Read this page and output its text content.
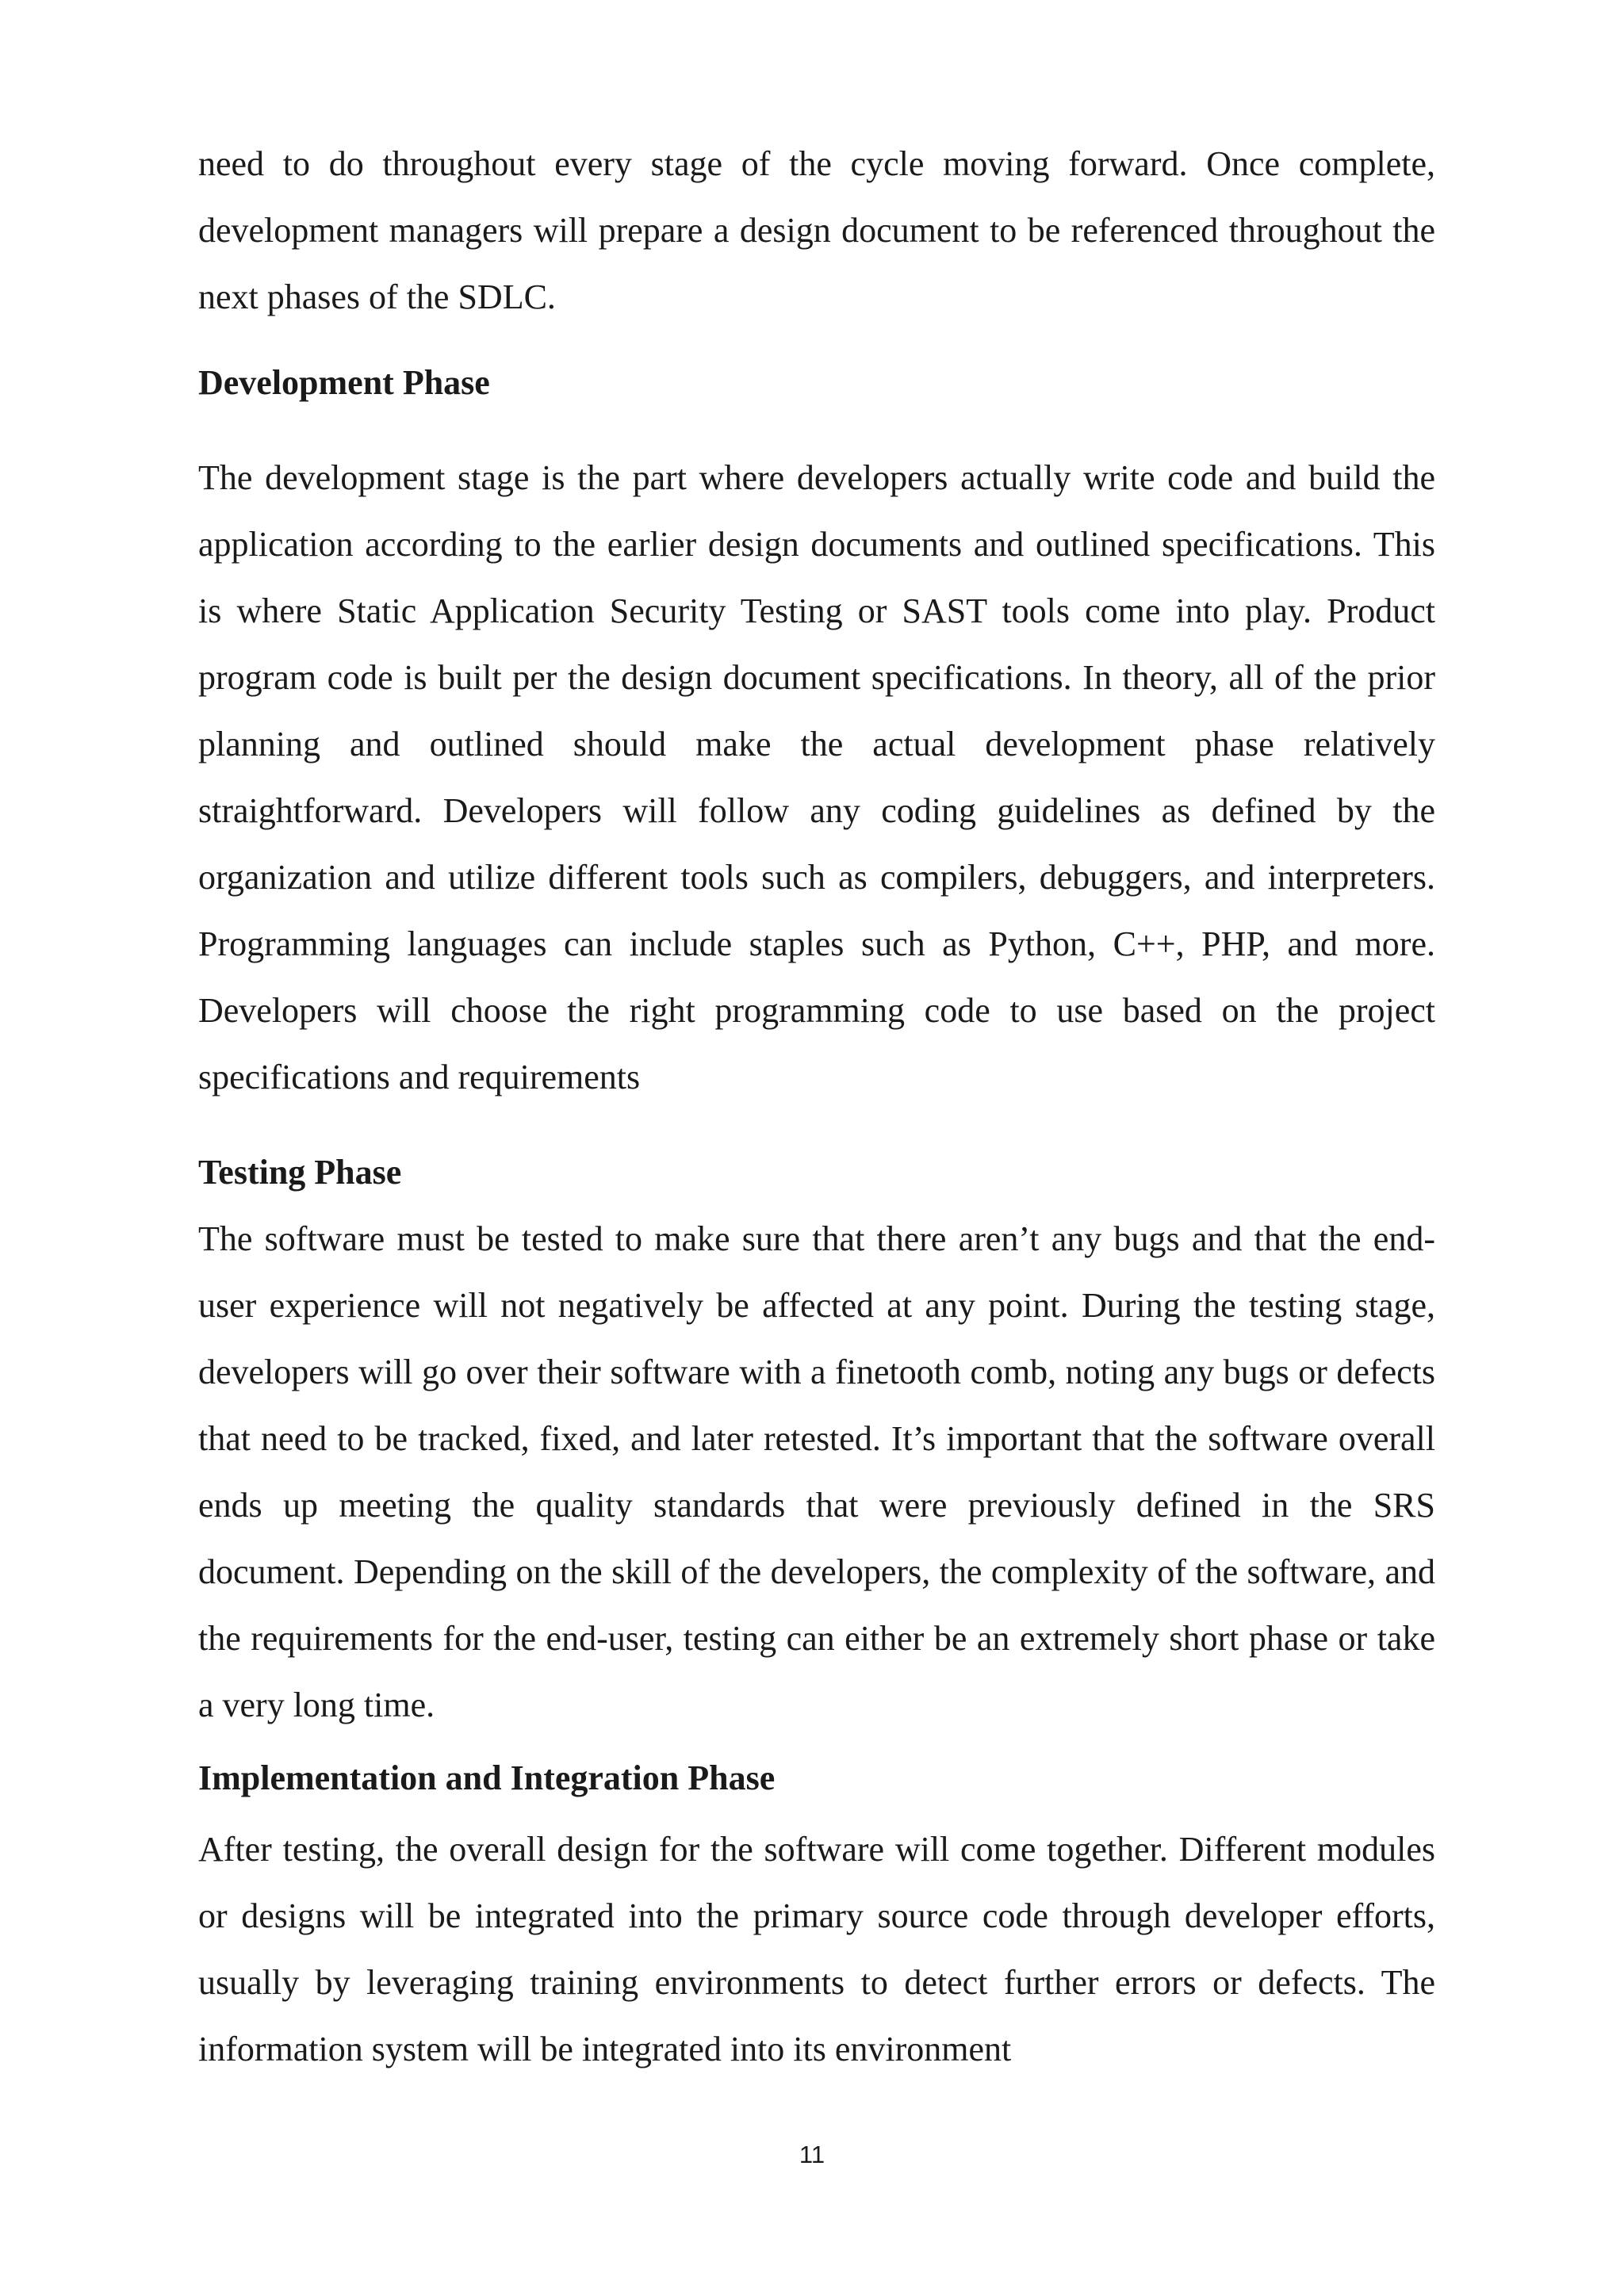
need to do throughout every stage of the cycle moving forward. Once complete, development managers will prepare a design document to be referenced throughout the next phases of the SDLC.

Development Phase

The development stage is the part where developers actually write code and build the application according to the earlier design documents and outlined specifications. This is where Static Application Security Testing or SAST tools come into play. Product program code is built per the design document specifications. In theory, all of the prior planning and outlined should make the actual development phase relatively straightforward. Developers will follow any coding guidelines as defined by the organization and utilize different tools such as compilers, debuggers, and interpreters. Programming languages can include staples such as Python, C++, PHP, and more. Developers will choose the right programming code to use based on the project specifications and requirements

Testing Phase

The software must be tested to make sure that there aren’t any bugs and that the end-user experience will not negatively be affected at any point. During the testing stage, developers will go over their software with a finetooth comb, noting any bugs or defects that need to be tracked, fixed, and later retested. It’s important that the software overall ends up meeting the quality standards that were previously defined in the SRS document. Depending on the skill of the developers, the complexity of the software, and the requirements for the end-user, testing can either be an extremely short phase or take a very long time.

Implementation and Integration Phase

After testing, the overall design for the software will come together. Different modules or designs will be integrated into the primary source code through developer efforts, usually by leveraging training environments to detect further errors or defects. The information system will be integrated into its environment

11
